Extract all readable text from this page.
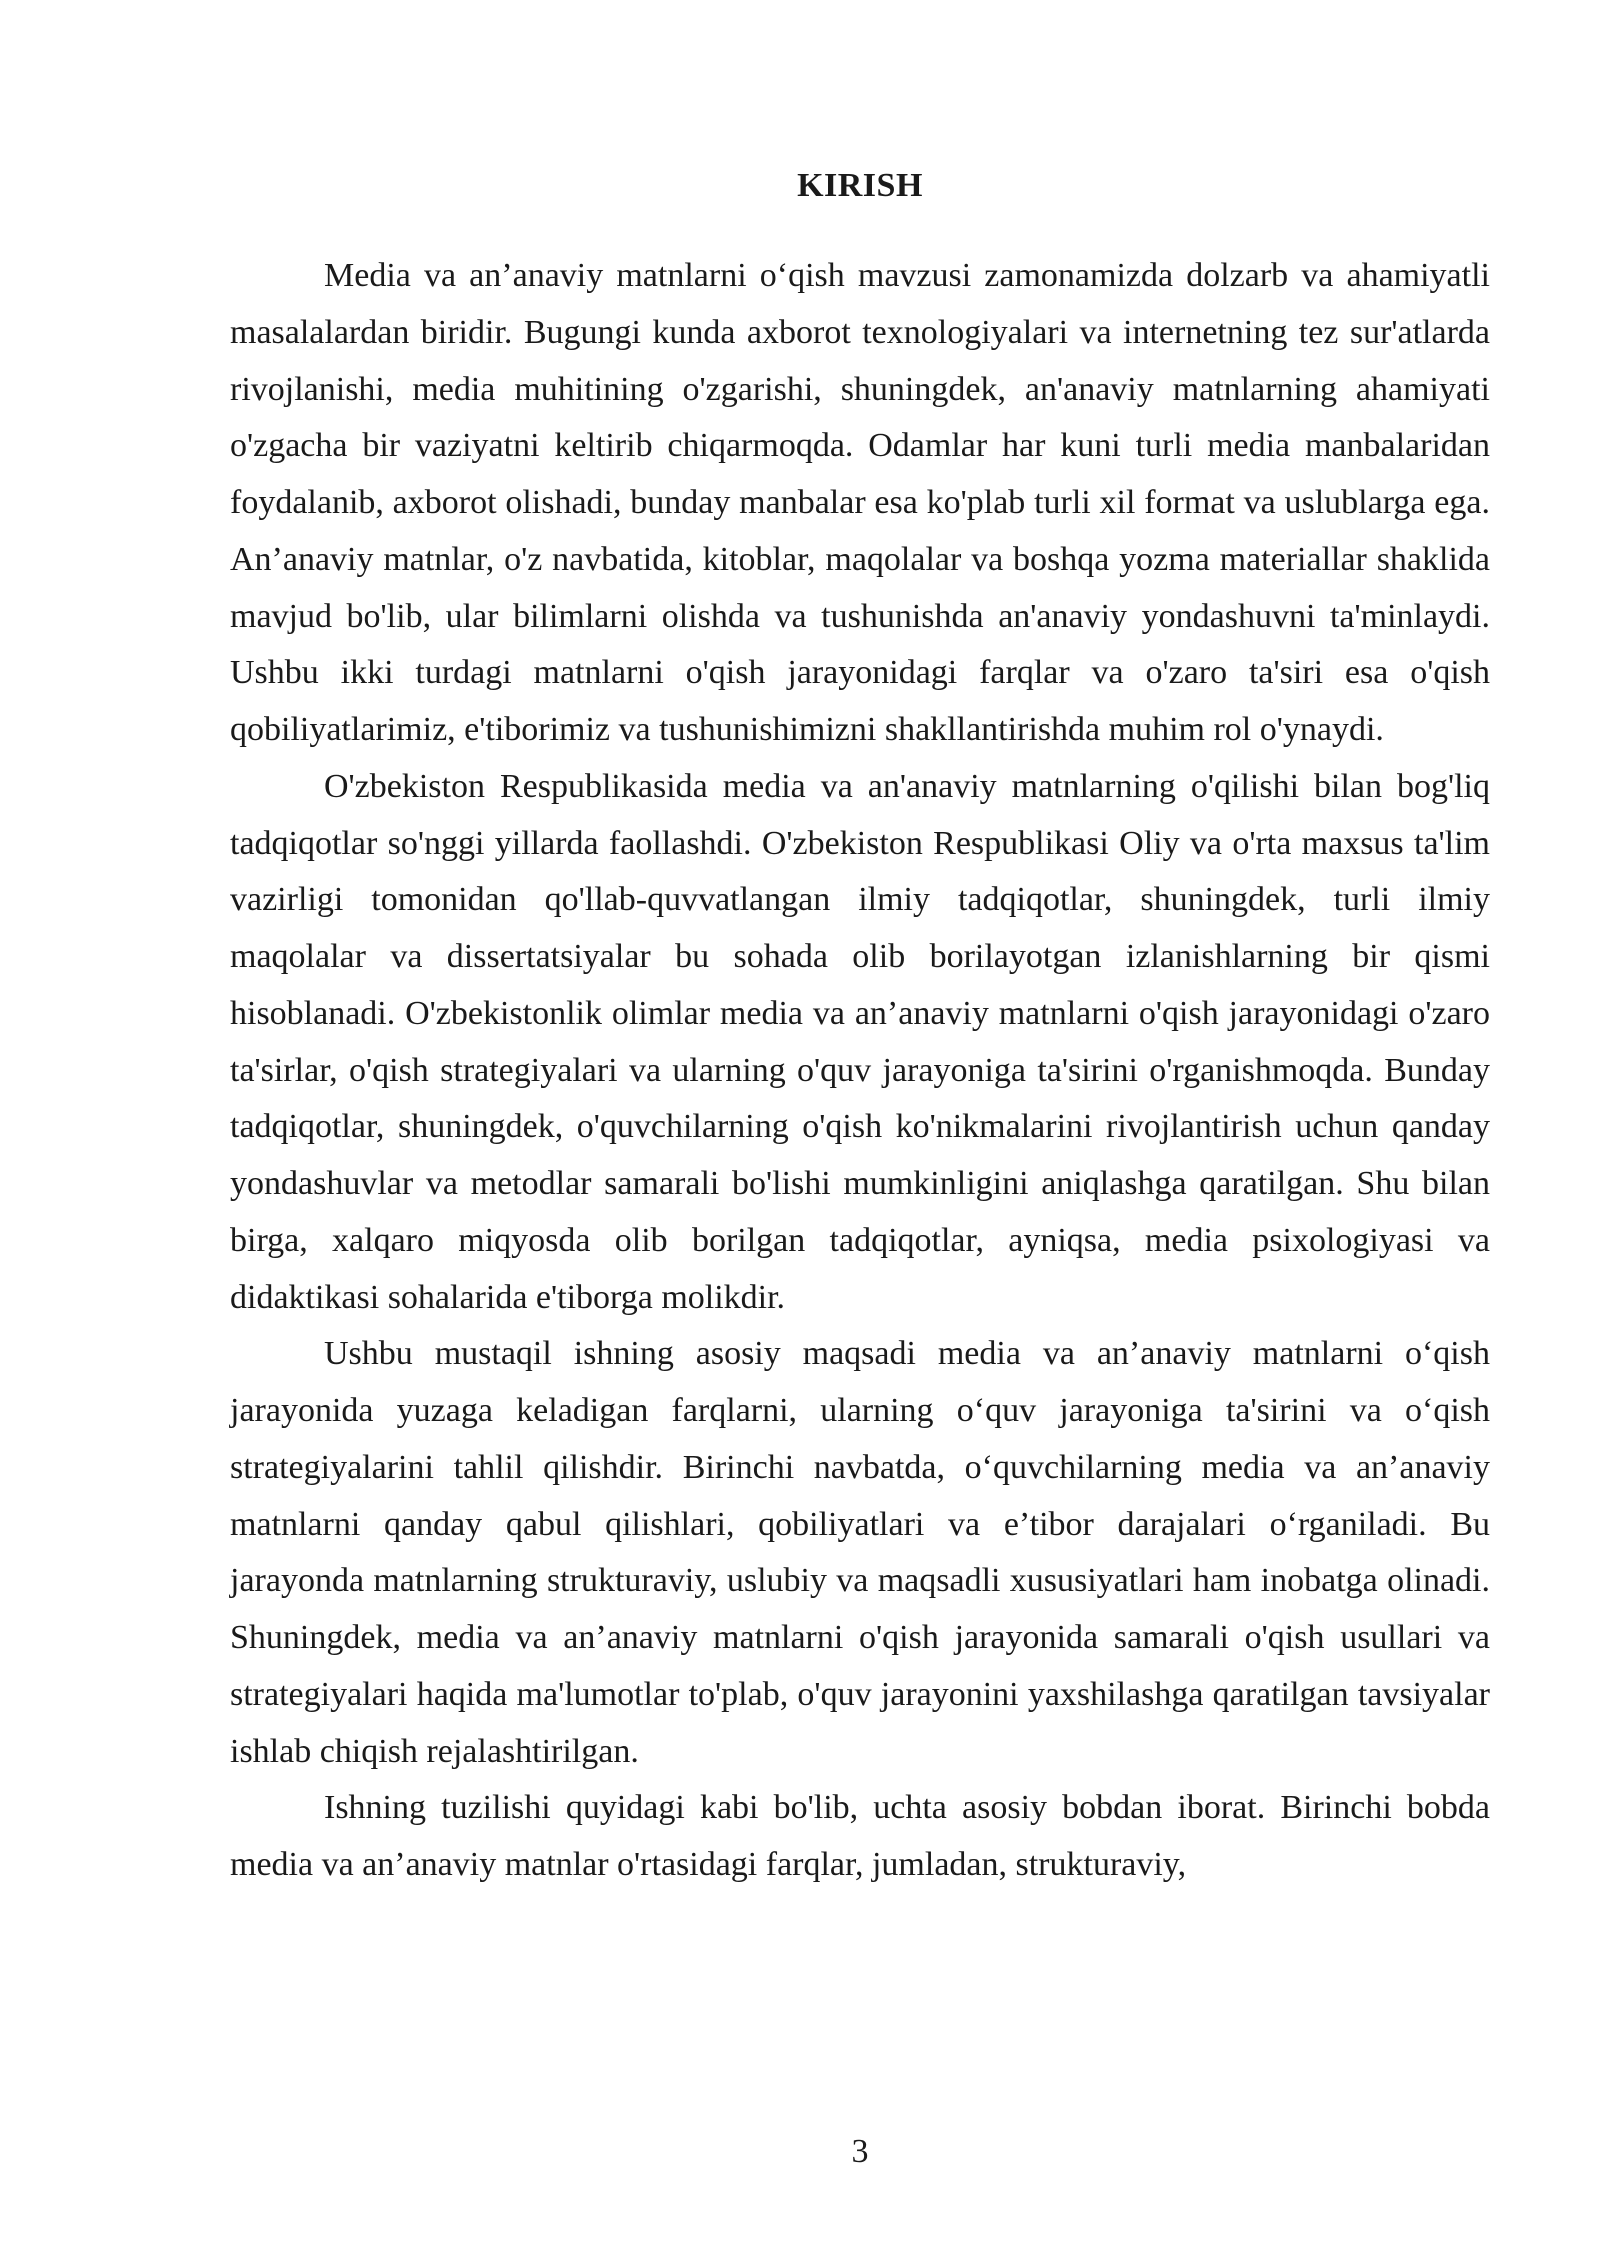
KIRISH

Media va an’anaviy matnlarni o‘qish mavzusi zamonamizda dolzarb va ahamiyatli masalalardan biridir. Bugungi kunda axborot texnologiyalari va internetning tez sur'atlarda rivojlanishi, media muhitining o'zgarishi, shuningdek, an'anaviy matnlarning ahamiyati o'zgacha bir vaziyatni keltirib chiqarmoqda. Odamlar har kuni turli media manbalaridan foydalanib, axborot olishadi, bunday manbalar esa ko'plab turli xil format va uslublarga ega. An’anaviy matnlar, o'z navbatida, kitoblar, maqolalar va boshqa yozma materiallar shaklida mavjud bo'lib, ular bilimlarni olishda va tushunishda an'anaviy yondashuvni ta'minlaydi. Ushbu ikki turdagi matnlarni o'qish jarayonidagi farqlar va o'zaro ta'siri esa o'qish qobiliyatlarimiz, e'tiborimiz va tushunishimizni shakllantirishda muhim rol o'ynaydi.

O'zbekiston Respublikasida media va an'anaviy matnlarning o'qilishi bilan bog'liq tadqiqotlar so'nggi yillarda faollashdi. O'zbekiston Respublikasi Oliy va o'rta maxsus ta'lim vazirligi tomonidan qo'llab-quvvatlangan ilmiy tadqiqotlar, shuningdek, turli ilmiy maqolalar va dissertatsiyalar bu sohada olib borilayotgan izlanishlarning bir qismi hisoblanadi. O'zbekistonlik olimlar media va an’anaviy matnlarni o'qish jarayonidagi o'zaro ta'sirlar, o'qish strategiyalari va ularning o'quv jarayoniga ta'sirini o'rganishmoqda. Bunday tadqiqotlar, shuningdek, o'quvchilarning o'qish ko'nikmalarini rivojlantirish uchun qanday yondashuvlar va metodlar samarali bo'lishi mumkinligini aniqlashga qaratilgan. Shu bilan birga, xalqaro miqyosda olib borilgan tadqiqotlar, ayniqsa, media psixologiyasi va didaktikasi sohalarida e'tiborga molikdir.

Ushbu mustaqil ishning asosiy maqsadi media va an’anaviy matnlarni o‘qish jarayonida yuzaga keladigan farqlarni, ularning o‘quv jarayoniga ta'sirini va o‘qish strategiyalarini tahlil qilishdir. Birinchi navbatda, o‘quvchilarning media va an’anaviy matnlarni qanday qabul qilishlari, qobiliyatlari va e’tibor darajalari o‘rganiladi. Bu jarayonda matnlarning strukturaviy, uslubiy va maqsadli xususiyatlari ham inobatga olinadi. Shuningdek, media va an’anaviy matnlarni o'qish jarayonida samarali o'qish usullari va strategiyalari haqida ma'lumotlar to'plab, o'quv jarayonini yaxshilashga qaratilgan tavsiyalar ishlab chiqish rejalashtirilgan.

Ishning tuzilishi quyidagi kabi bo'lib, uchta asosiy bobdan iborat. Birinchi bobda media va an’anaviy matnlar o'rtasidagi farqlar, jumladan, strukturaviy,

3
